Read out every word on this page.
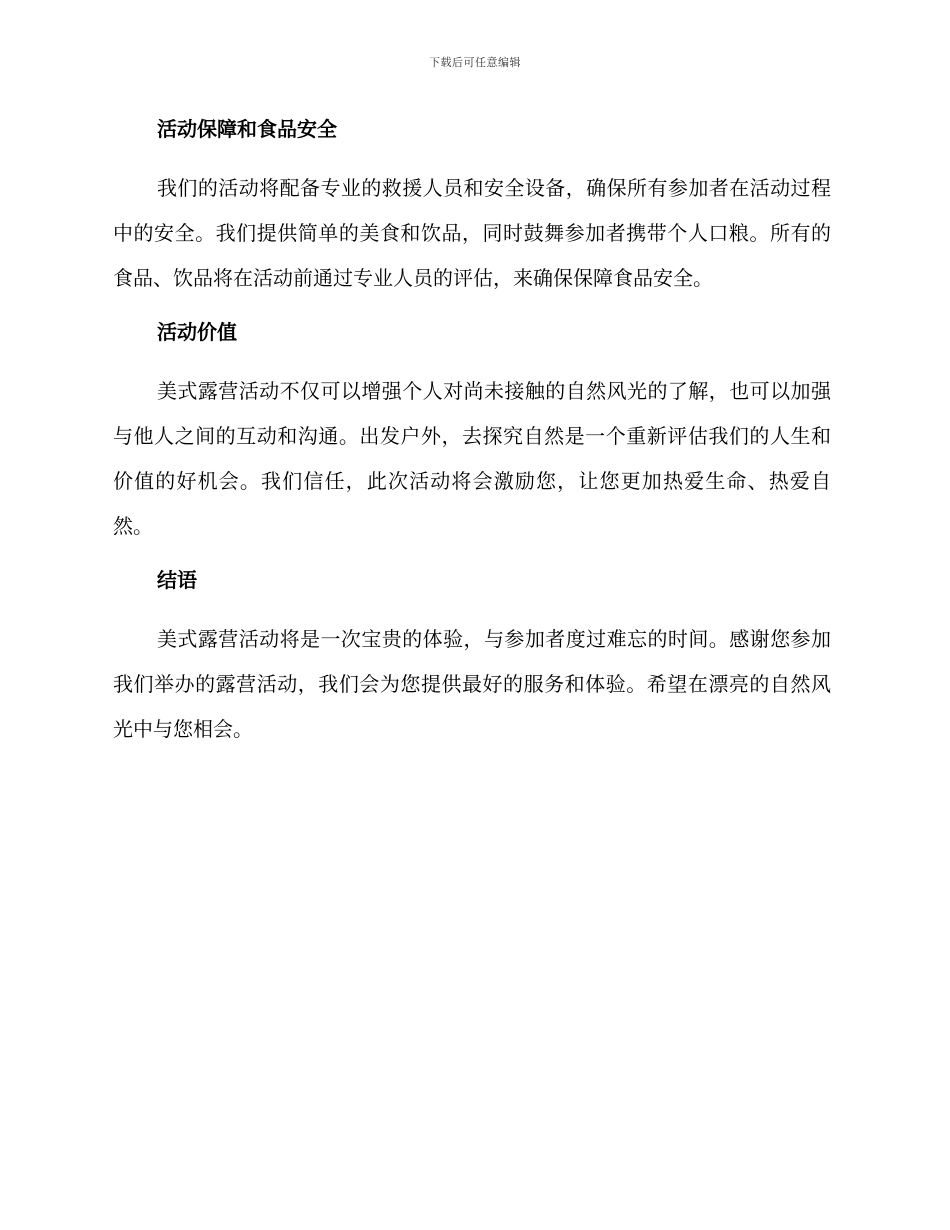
下载后可任意编辑
活动保障和食品安全

我们的活动将配备专业的救援人员和安全设备，确保所有参加者在活动过程中的安全。我们提供简单的美食和饮品，同时鼓舞参加者携带个人口粮。所有的食品、饮品将在活动前通过专业人员的评估，来确保保障食品安全。

活动价值

美式露营活动不仅可以增强个人对尚未接触的自然风光的了解，也可以加强与他人之间的互动和沟通。出发户外，去探究自然是一个重新评估我们的人生和价值的好机会。我们信任，此次活动将会激励您，让您更加热爱生命、热爱自然。

结语

美式露营活动将是一次宝贵的体验，与参加者度过难忘的时间。感谢您参加我们举办的露营活动，我们会为您提供最好的服务和体验。希望在漂亮的自然风光中与您相会。
